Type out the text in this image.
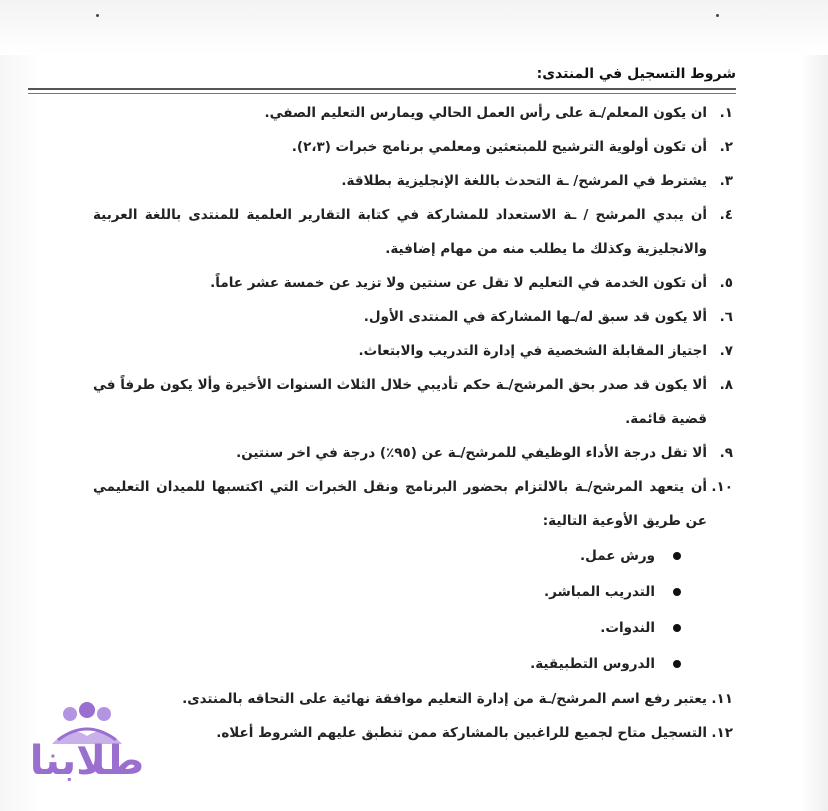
شروط التسجيل في المنتدى:
١.
ان يكون المعلم/ـة على رأس العمل الحالي ويمارس التعليم الصفي.
٢.
أن تكون أولوية الترشيح للمبتعثين ومعلمي برنامج خبرات (٢،٣).
٣.
يشترط في المرشح/ ـة التحدث باللغة الإنجليزية بطلاقة.
٤.
أن يبدي المرشح / ـة الاستعداد للمشاركة في كتابة التقارير العلمية للمنتدى باللغة العربية والانجليزية وكذلك ما يطلب منه من مهام إضافية.
٥.
أن تكون الخدمة في التعليم لا تقل عن سنتين ولا تزيد عن خمسة عشر عاماً.
٦.
ألا يكون قد سبق له/ـها المشاركة في المنتدى الأول.
٧.
اجتياز المقابلة الشخصية في إدارة التدريب والابتعاث.
٨.
ألا يكون قد صدر بحق المرشح/ـة حكم تأديبي خلال الثلاث السنوات الأخيرة وألا يكون طرفاً في قضية قائمة.
٩.
ألا تقل درجة الأداء الوظيفي للمرشح/ـة عن (٩٥٪) درجة في اخر سنتين.
١٠.
أن يتعهد المرشح/ـة بالالتزام بحضور البرنامج ونقل الخبرات التي اكتسبها للميدان التعليمي عن طريق الأوعية التالية:
ورش عمل.
التدريب المباشر.
الندوات.
الدروس التطبيقية.
١١.
يعتبر رفع اسم المرشح/ـة من إدارة التعليم موافقة نهائية على التحاقه بالمنتدى.
١٢.
التسجيل متاح لجميع للراغبين بالمشاركة ممن تنطبق عليهم الشروط أعلاه.
طلابنا
